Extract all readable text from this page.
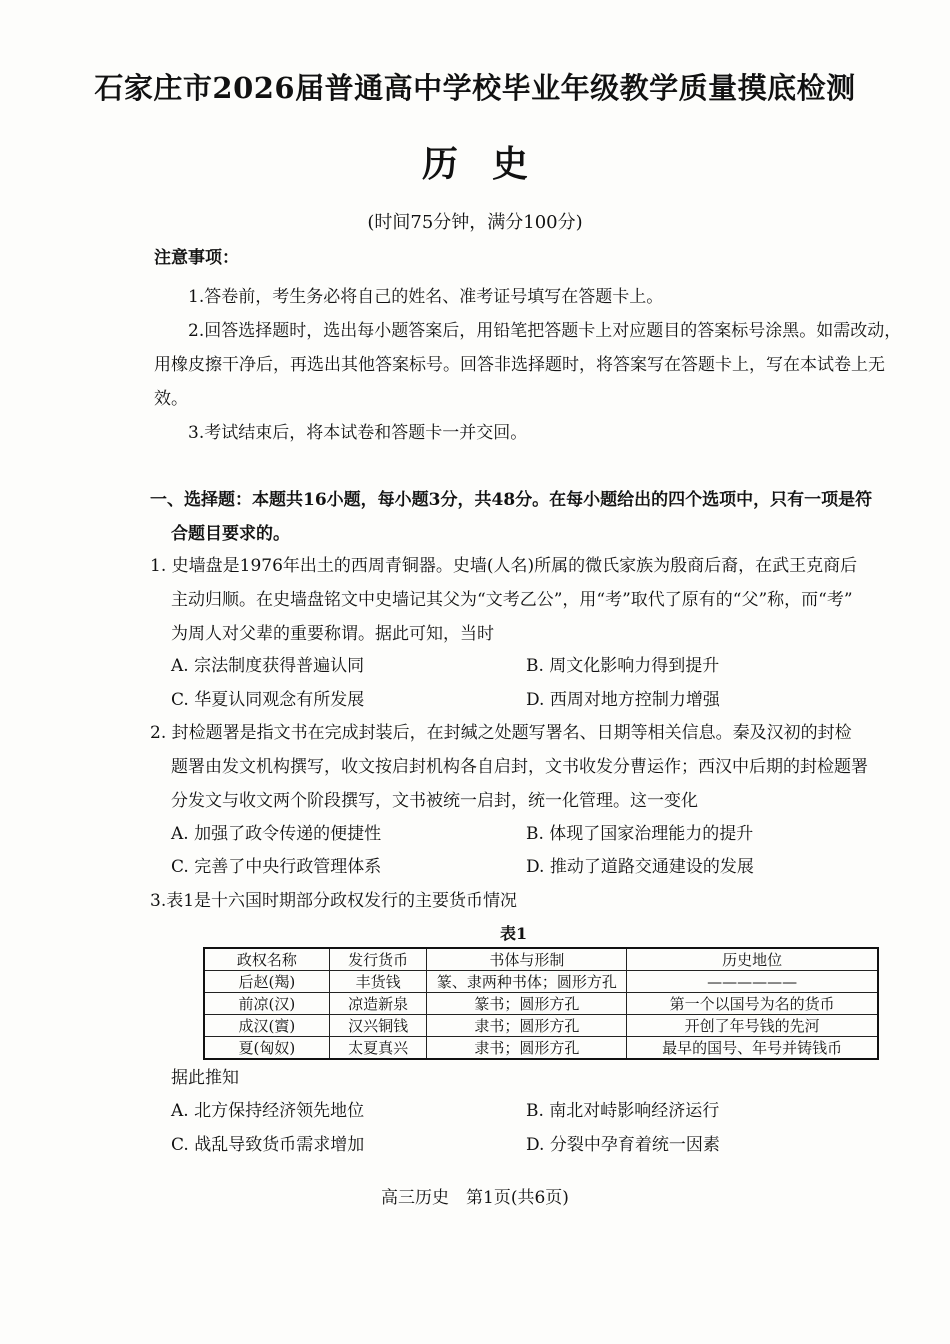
石家庄市2026届普通高中学校毕业年级教学质量摸底检测
历史
(时间75分钟，满分100分)
注意事项：
1.答卷前，考生务必将自己的姓名、准考证号填写在答题卡上。
2.回答选择题时，选出每小题答案后，用铅笔把答题卡上对应题目的答案标号涂黑。如需改动，用橡皮擦干净后，再选出其他答案标号。回答非选择题时，将答案写在答题卡上，写在本试卷上无效。
3.考试结束后，将本试卷和答题卡一并交回。
一、选择题：本题共16小题，每小题3分，共48分。在每小题给出的四个选项中，只有一项是符
合题目要求的。
1. 史墙盘是1976年出土的西周青铜器。史墙(人名)所属的微氏家族为殷商后裔，在武王克商后
主动归顺。在史墙盘铭文中史墙记其父为“文考乙公”，用“考”取代了原有的“父”称，而“考”
为周人对父辈的重要称谓。据此可知，当时
A. 宗法制度获得普遍认同	B. 周文化影响力得到提升
C. 华夏认同观念有所发展	D. 西周对地方控制力增强
2. 封检题署是指文书在完成封装后，在封缄之处题写署名、日期等相关信息。秦及汉初的封检
题署由发文机构撰写，收文按启封机构各自启封，文书收发分曹运作；西汉中后期的封检题署
分发文与收文两个阶段撰写，文书被统一启封，统一化管理。这一变化
A. 加强了政令传递的便捷性	B. 体现了国家治理能力的提升
C. 完善了中央行政管理体系	D. 推动了道路交通建设的发展
3.表1是十六国时期部分政权发行的主要货币情况
表1
政权名称	发行货币	书体与形制	历史地位
后赵(羯)	丰货钱	篆、隶两种书体；圆形方孔	——————
前凉(汉)	凉造新泉	篆书；圆形方孔	第一个以国号为名的货币
成汉(賨)	汉兴铜钱	隶书；圆形方孔	开创了年号钱的先河
夏(匈奴)	太夏真兴	隶书；圆形方孔	最早的国号、年号并铸钱币
据此推知
A. 北方保持经济领先地位	B. 南北对峙影响经济运行
C. 战乱导致货币需求增加	D. 分裂中孕育着统一因素
高三历史　第1页(共6页)
